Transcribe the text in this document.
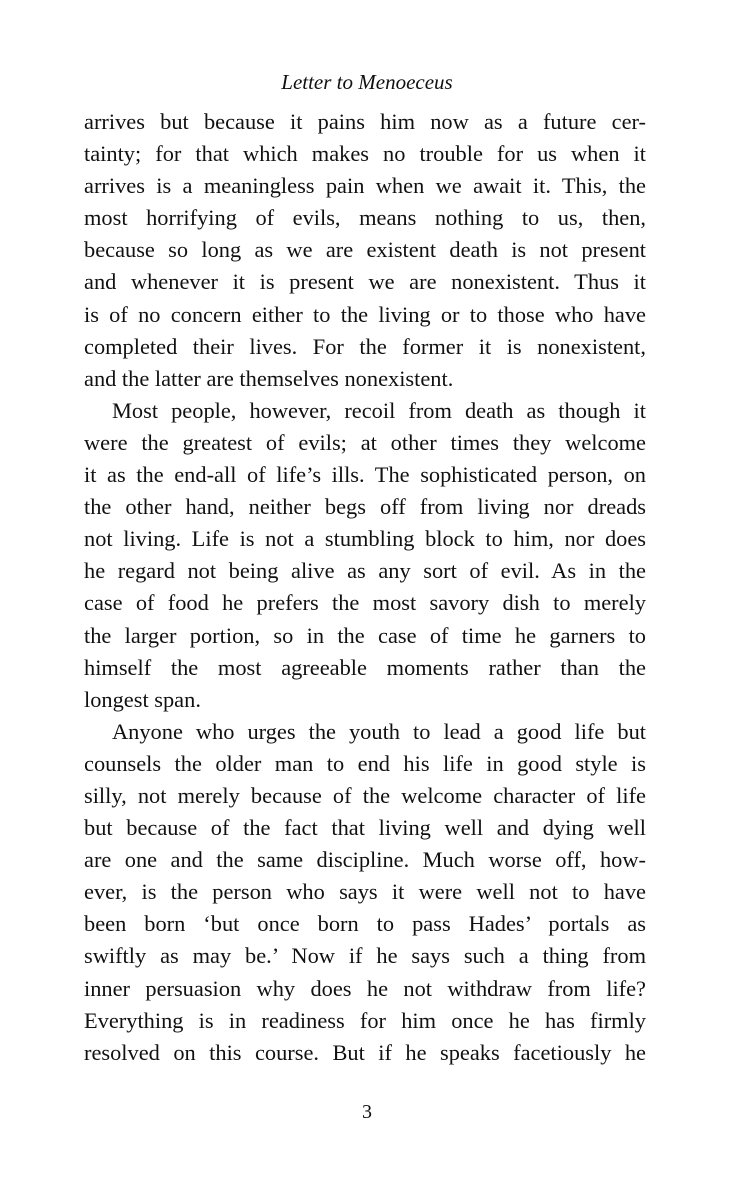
Letter to Menoeceus
arrives but because it pains him now as a future cer-
tainty; for that which makes no trouble for us when it
arrives is a meaningless pain when we await it. This, the
most horrifying of evils, means nothing to us, then,
because so long as we are existent death is not present
and whenever it is present we are nonexistent. Thus it
is of no concern either to the living or to those who have
completed their lives. For the former it is nonexistent,
and the latter are themselves nonexistent.
Most people, however, recoil from death as though it
were the greatest of evils; at other times they welcome
it as the end-all of life’s ills. The sophisticated person, on
the other hand, neither begs off from living nor dreads
not living. Life is not a stumbling block to him, nor does
he regard not being alive as any sort of evil. As in the
case of food he prefers the most savory dish to merely
the larger portion, so in the case of time he garners to
himself the most agreeable moments rather than the
longest span.
Anyone who urges the youth to lead a good life but
counsels the older man to end his life in good style is
silly, not merely because of the welcome character of life
but because of the fact that living well and dying well
are one and the same discipline. Much worse off, how-
ever, is the person who says it were well not to have
been born ‘but once born to pass Hades’ portals as
swiftly as may be.’ Now if he says such a thing from
inner persuasion why does he not withdraw from life?
Everything is in readiness for him once he has firmly
resolved on this course. But if he speaks facetiously he
3
